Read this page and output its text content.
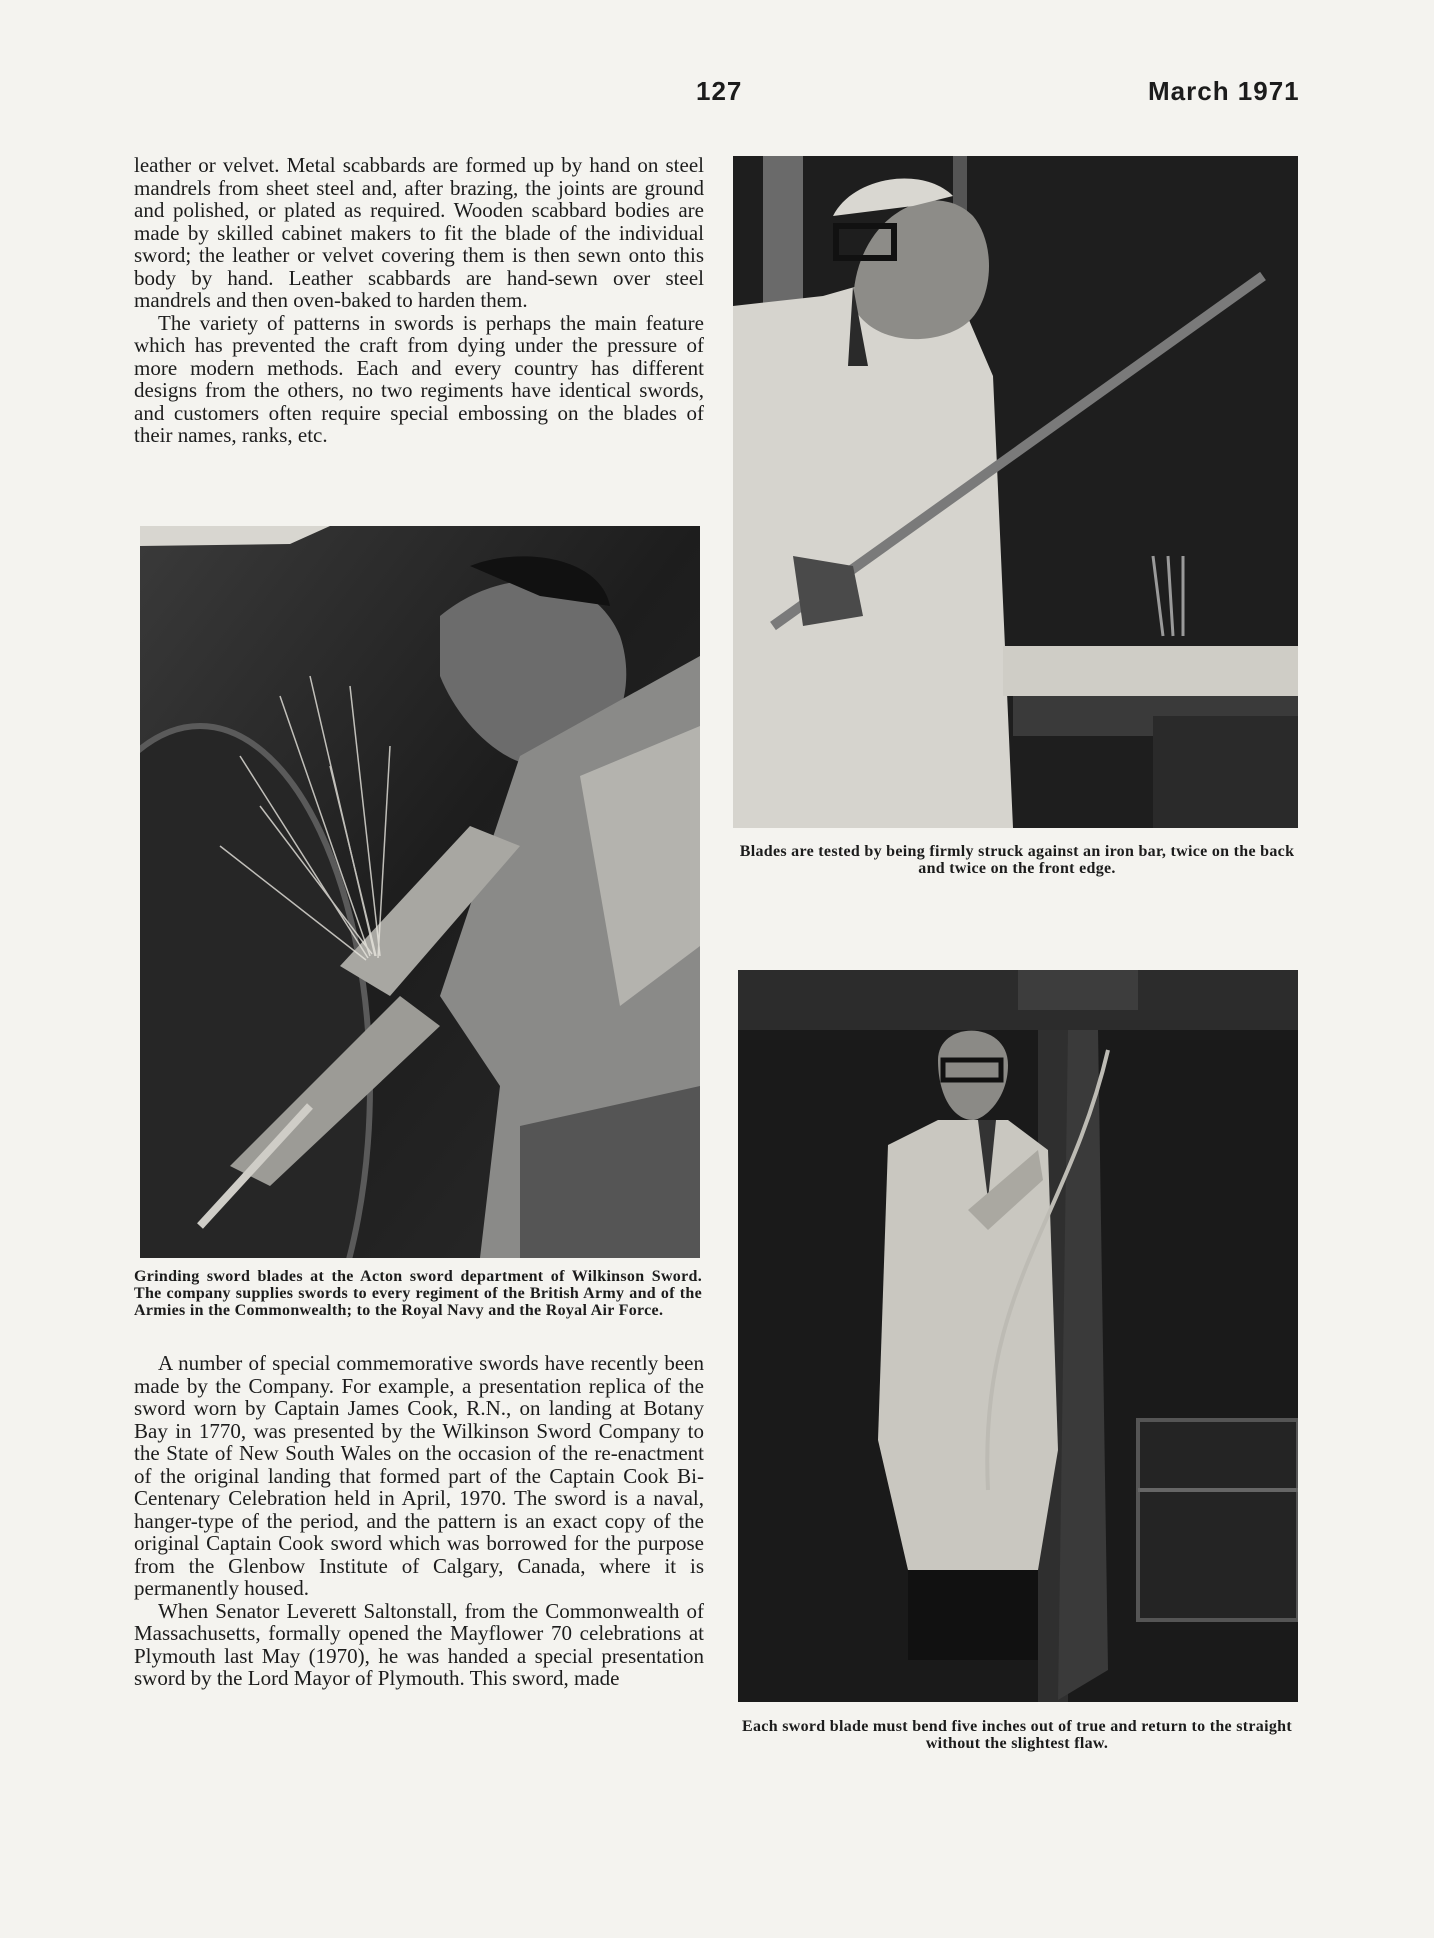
127	March 1971

leather or velvet. Metal scabbards are formed up by hand on steel mandrels from sheet steel and, after brazing, the joints are ground and polished, or plated as required. Wooden scabbard bodies are made by skilled cabinet makers to fit the blade of the individual sword; the leather or velvet covering them is then sewn onto this body by hand. Leather scabbards are hand-sewn over steel mandrels and then oven-baked to harden them.

The variety of patterns in swords is perhaps the main feature which has prevented the craft from dying under the pressure of more modern methods. Each and every country has different designs from the others, no two regiments have identical swords, and customers often require special embossing on the blades of their names, ranks, etc.

Grinding sword blades at the Acton sword department of Wilkinson Sword. The company supplies swords to every regiment of the British Army and of the Armies in the Commonwealth; to the Royal Navy and the Royal Air Force.

A number of special commemorative swords have recently been made by the Company. For example, a presentation replica of the sword worn by Captain James Cook, R.N., on landing at Botany Bay in 1770, was presented by the Wilkinson Sword Company to the State of New South Wales on the occasion of the re-enactment of the original landing that formed part of the Captain Cook Bi-Centenary Celebration held in April, 1970. The sword is a naval, hanger-type of the period, and the pattern is an exact copy of the original Captain Cook sword which was borrowed for the purpose from the Glenbow Institute of Calgary, Canada, where it is permanently housed.

When Senator Leverett Saltonstall, from the Commonwealth of Massachusetts, formally opened the Mayflower 70 celebrations at Plymouth last May (1970), he was handed a special presentation sword by the Lord Mayor of Plymouth. This sword, made

Blades are tested by being firmly struck against an iron bar, twice on the back and twice on the front edge.

Each sword blade must bend five inches out of true and return to the straight without the slightest flaw.
